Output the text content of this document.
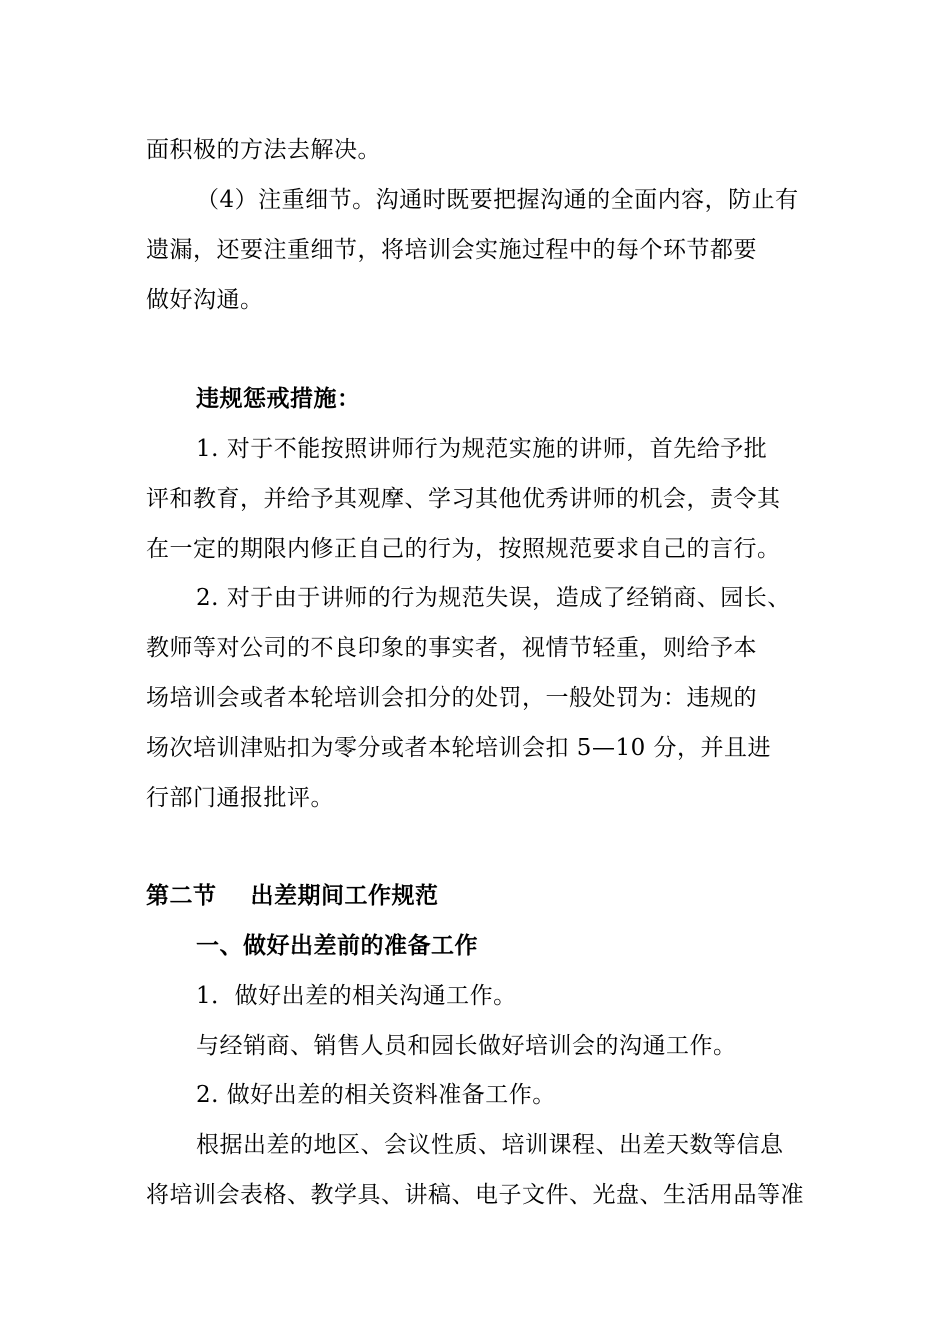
面积极的方法去解决。
（4）注重细节。沟通时既要把握沟通的全面内容，防止有
遗漏，还要注重细节，将培训会实施过程中的每个环节都要
做好沟通。
违规惩戒措施：
1. 对于不能按照讲师行为规范实施的讲师，首先给予批
评和教育，并给予其观摩、学习其他优秀讲师的机会，责令其
在一定的期限内修正自己的行为，按照规范要求自己的言行。
2. 对于由于讲师的行为规范失误，造成了经销商、园长、
教师等对公司的不良印象的事实者，视情节轻重，则给予本
场培训会或者本轮培训会扣分的处罚，一般处罚为：违规的
场次培训津贴扣为零分或者本轮培训会扣 5—10 分，并且进
行部门通报批评。
第二节    出差期间工作规范
一、做好出差前的准备工作
1．做好出差的相关沟通工作。
与经销商、销售人员和园长做好培训会的沟通工作。
2. 做好出差的相关资料准备工作。
根据出差的地区、会议性质、培训课程、出差天数等信息
将培训会表格、教学具、讲稿、电子文件、光盘、生活用品等准
